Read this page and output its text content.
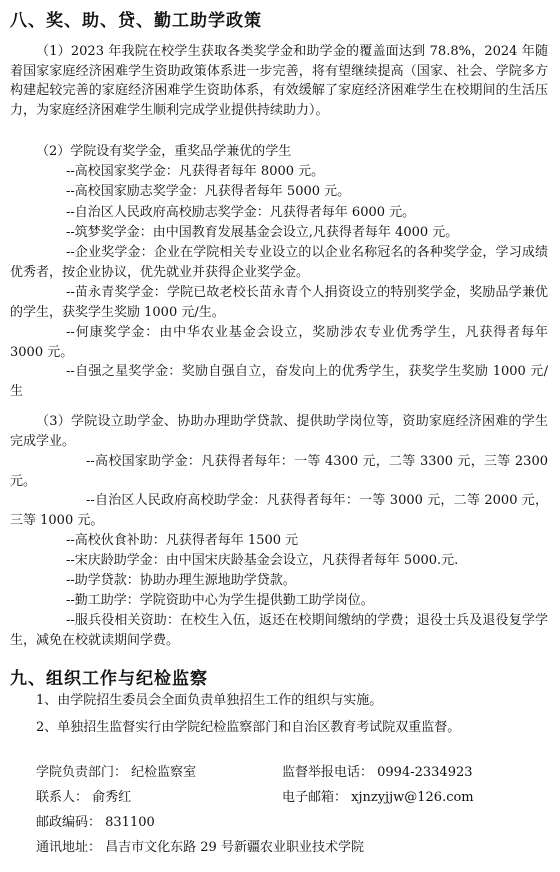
八、奖、助、贷、勤工助学政策
（1）2023 年我院在校学生获取各类奖学金和助学金的覆盖面达到 78.8%，2024 年随着国家家庭经济困难学生资助政策体系进一步完善，将有望继续提高（国家、社会、学院多方构建起较完善的家庭经济困难学生资助体系，有效缓解了家庭经济困难学生在校期间的生活压力，为家庭经济困难学生顺利完成学业提供持续助力）。
（2）学院设有奖学金，重奖品学兼优的学生
--高校国家奖学金：凡获得者每年 8000 元。
--高校国家励志奖学金：凡获得者每年 5000 元。
--自治区人民政府高校励志奖学金：凡获得者每年 6000 元。
--筑梦奖学金：由中国教育发展基金会设立,凡获得者每年 4000 元。
--企业奖学金：企业在学院相关专业设立的以企业名称冠名的各种奖学金，学习成绩优秀者，按企业协议，优先就业并获得企业奖学金。
--苗永青奖学金：学院已故老校长苗永青个人捐资设立的特别奖学金，奖励品学兼优的学生，获奖学生奖励 1000 元/生。
--何康奖学金：由中华农业基金会设立，奖励涉农专业优秀学生，凡获得者每年 3000 元。
--自强之星奖学金：奖励自强自立，奋发向上的优秀学生，获奖学生奖励 1000 元/生
（3）学院设立助学金、协助办理助学贷款、提供助学岗位等，资助家庭经济困难的学生完成学业。
--高校国家助学金：凡获得者每年：一等 4300 元，二等 3300 元，三等 2300 元。
--自治区人民政府高校助学金：凡获得者每年：一等 3000 元，二等 2000 元，三等 1000 元。
--高校伙食补助：凡获得者每年 1500 元
--宋庆龄助学金：由中国宋庆龄基金会设立，凡获得者每年 5000.元.
--助学贷款：协助办理生源地助学贷款。
--勤工助学：学院资助中心为学生提供勤工助学岗位。
--服兵役相关资助：在校生入伍，返还在校期间缴纳的学费；退役士兵及退役复学学生，减免在校就读期间学费。
九、组织工作与纪检监察
1、由学院招生委员会全面负责单独招生工作的组织与实施。
2、单独招生监督实行由学院纪检监察部门和自治区教育考试院双重监督。
学院负责部门： 纪检监察室	监督举报电话： 0994-2334923
联系人： 俞秀红	电子邮箱： xjnzyjjw@126.com
邮政编码： 831100
通讯地址： 昌吉市文化东路 29 号新疆农业职业技术学院
